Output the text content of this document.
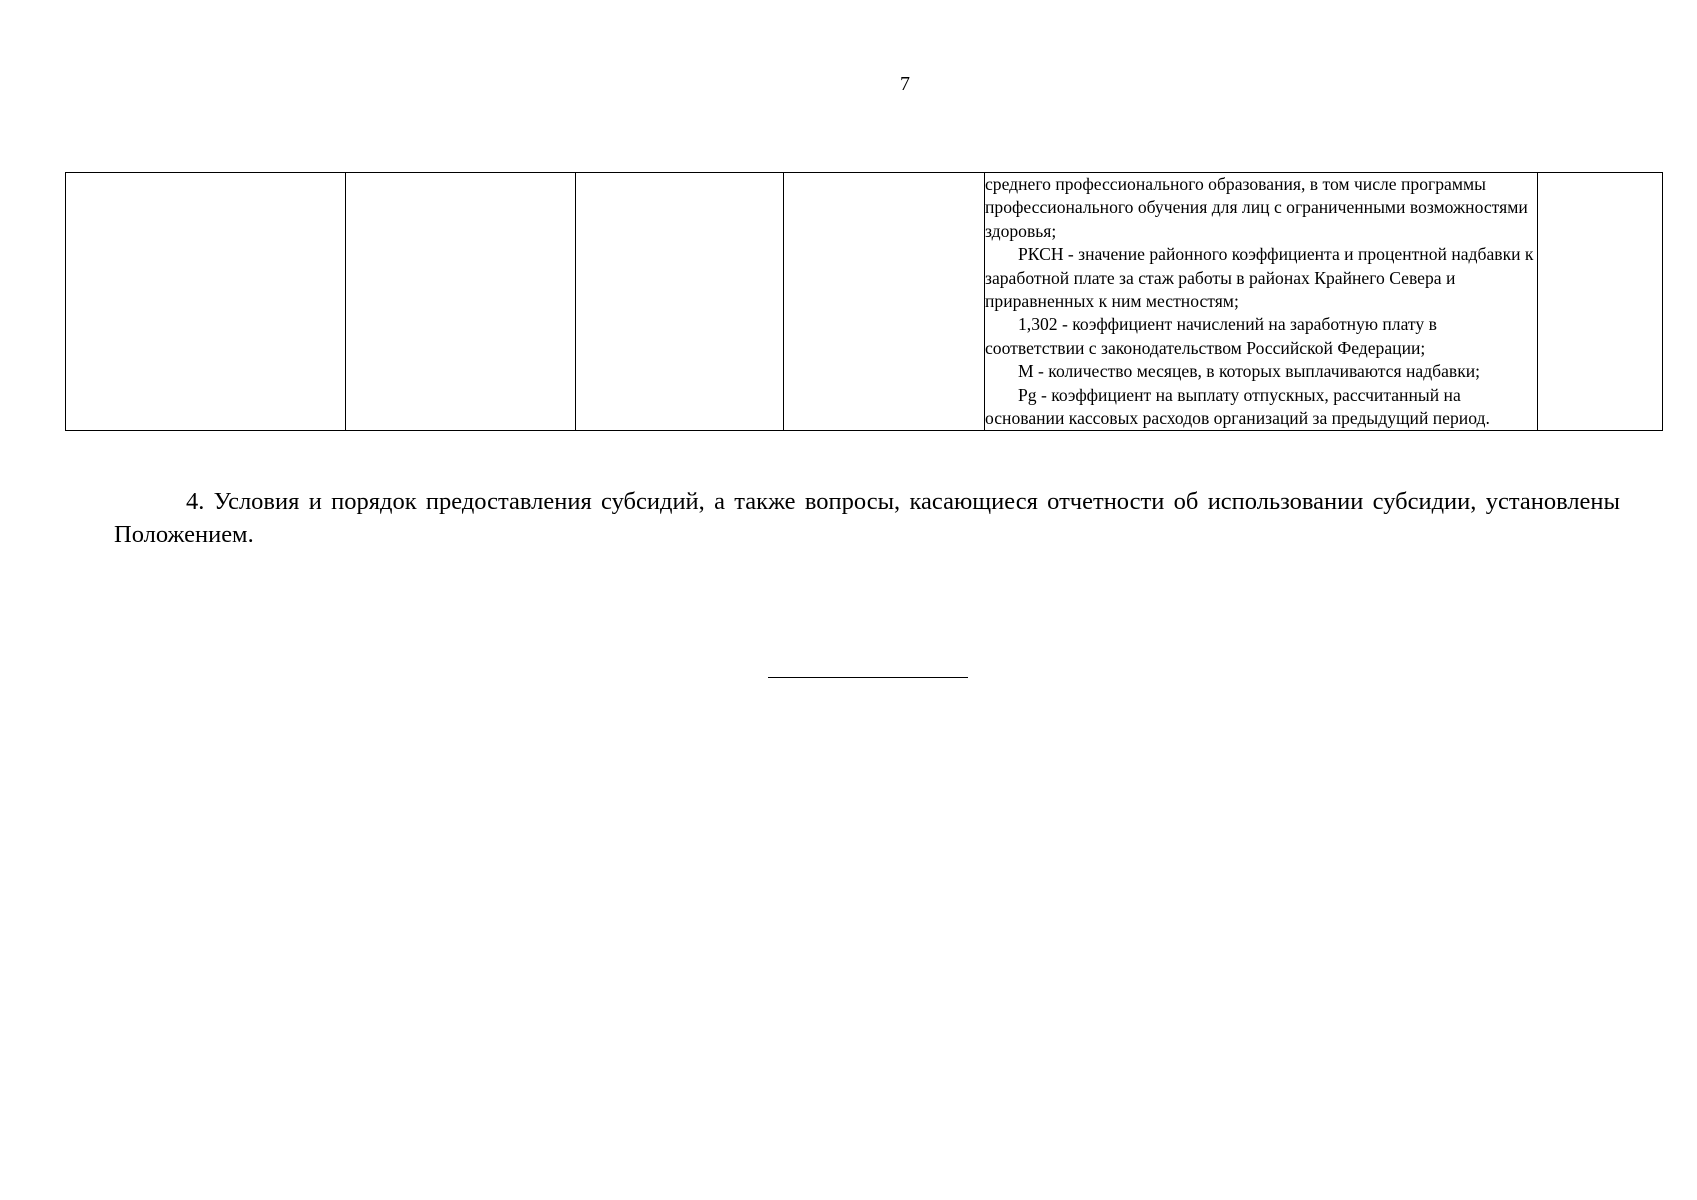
7

среднего профессионального образования, в том числе программы профессионального обучения для лиц с ограниченными возможностями здоровья;

РКСН - значение районного коэффициента и процентной надбавки к заработной плате за стаж работы в районах Крайнего Севера и приравненных к ним местностям;

1,302 - коэффициент начислений на заработную плату в соответствии с законодательством Российской Федерации;

М - количество месяцев, в которых выплачиваются надбавки;

Pg - коэффициент на выплату отпускных, рассчитанный на основании кассовых расходов организаций за предыдущий период.

4. Условия и порядок предоставления субсидий, а также вопросы, касающиеся отчетности об использовании субсидии, установлены Положением.
